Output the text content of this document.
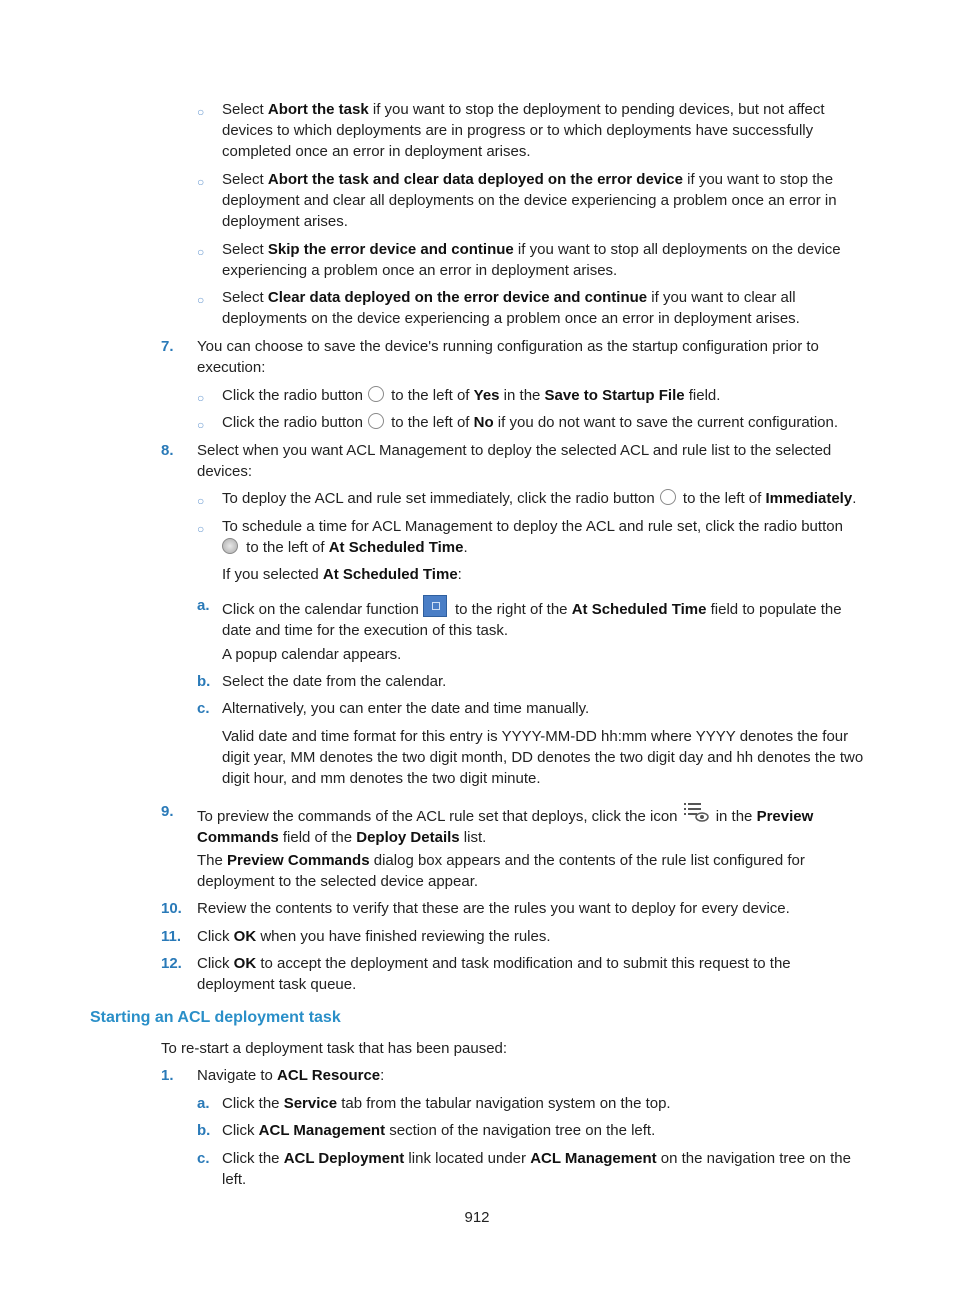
○ Select Abort the task if you want to stop the deployment to pending devices, but not affect devices to which deployments are in progress or to which deployments have successfully completed once an error in deployment arises.
○ Select Abort the task and clear data deployed on the error device if you want to stop the deployment and clear all deployments on the device experiencing a problem once an error in deployment arises.
○ Select Skip the error device and continue if you want to stop all deployments on the device experiencing a problem once an error in deployment arises.
○ Select Clear data deployed on the error device and continue if you want to clear all deployments on the device experiencing a problem once an error in deployment arises.
7. You can choose to save the device's running configuration as the startup configuration prior to execution:
○ Click the radio button to the left of Yes in the Save to Startup File field.
○ Click the radio button to the left of No if you do not want to save the current configuration.
8. Select when you want ACL Management to deploy the selected ACL and rule list to the selected devices:
○ To deploy the ACL and rule set immediately, click the radio button to the left of Immediately.
○ To schedule a time for ACL Management to deploy the ACL and rule set, click the radio button
to the left of At Scheduled Time.
If you selected At Scheduled Time:
a. Click on the calendar function to the right of the At Scheduled Time field to populate the date and time for the execution of this task.
A popup calendar appears.
b. Select the date from the calendar.
c. Alternatively, you can enter the date and time manually.
Valid date and time format for this entry is YYYY-MM-DD hh:mm where YYYY denotes the four digit year, MM denotes the two digit month, DD denotes the two digit day and hh denotes the two digit hour, and mm denotes the two digit minute.
9. To preview the commands of the ACL rule set that deploys, click the icon in the Preview Commands field of the Deploy Details list.
The Preview Commands dialog box appears and the contents of the rule list configured for deployment to the selected device appear.
10. Review the contents to verify that these are the rules you want to deploy for every device.
11. Click OK when you have finished reviewing the rules.
12. Click OK to accept the deployment and task modification and to submit this request to the deployment task queue.
Starting an ACL deployment task
To re-start a deployment task that has been paused:
1. Navigate to ACL Resource:
a. Click the Service tab from the tabular navigation system on the top.
b. Click ACL Management section of the navigation tree on the left.
c. Click the ACL Deployment link located under ACL Management on the navigation tree on the left.
912
